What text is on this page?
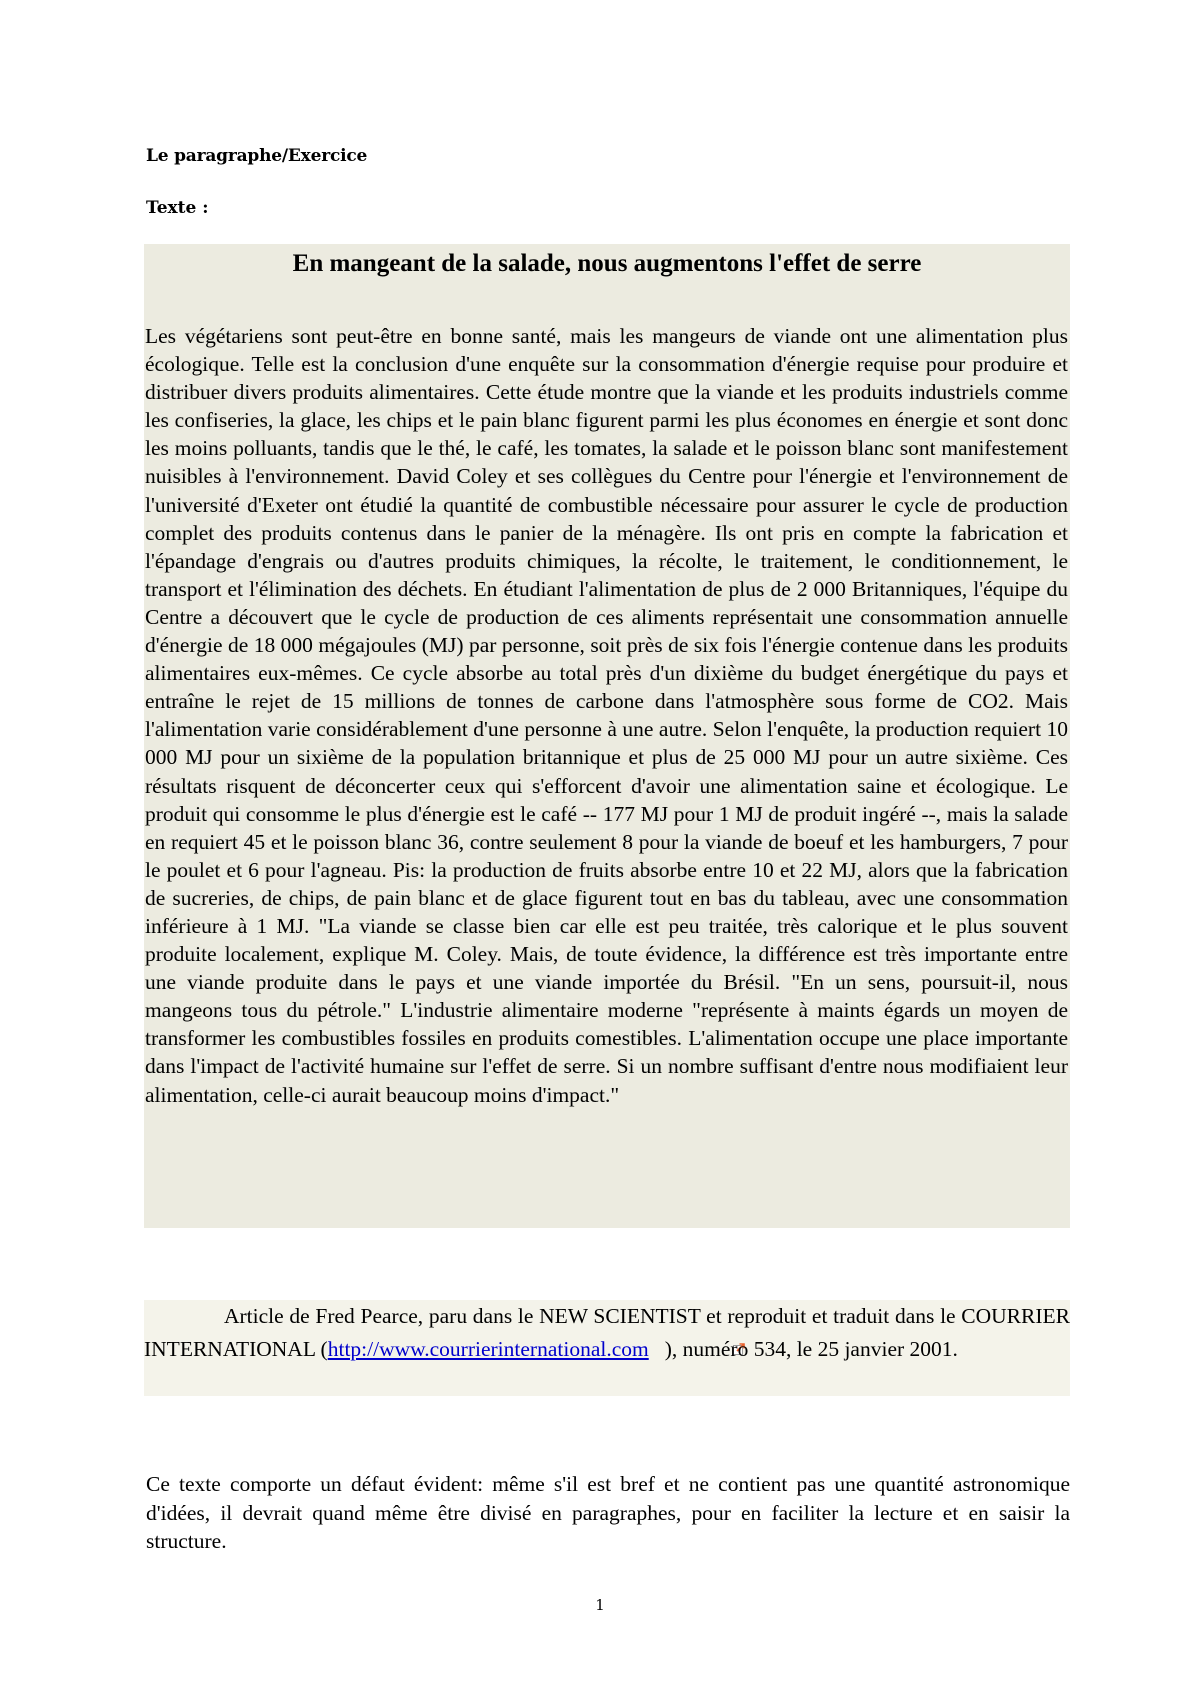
Le paragraphe/Exercice

Texte :

En mangeant de la salade, nous augmentons l'effet de serre

Les végétariens sont peut-être en bonne santé, mais les mangeurs de viande ont une alimentation plus écologique. Telle est la conclusion d'une enquête sur la consommation d'énergie requise pour produire et distribuer divers produits alimentaires. Cette étude montre que la viande et les produits industriels comme les confiseries, la glace, les chips et le pain blanc figurent parmi les plus économes en énergie et sont donc les moins polluants, tandis que le thé, le café, les tomates, la salade et le poisson blanc sont manifestement nuisibles à l'environnement. David Coley et ses collègues du Centre pour l'énergie et l'environnement de l'université d'Exeter ont étudié la quantité de combustible nécessaire pour assurer le cycle de production complet des produits contenus dans le panier de la ménagère. Ils ont pris en compte la fabrication et l'épandage d'engrais ou d'autres produits chimiques, la récolte, le traitement, le conditionnement, le transport et l'élimination des déchets. En étudiant l'alimentation de plus de 2 000 Britanniques, l'équipe du Centre a découvert que le cycle de production de ces aliments représentait une consommation annuelle d'énergie de 18 000 mégajoules (MJ) par personne, soit près de six fois l'énergie contenue dans les produits alimentaires eux-mêmes. Ce cycle absorbe au total près d'un dixième du budget énergétique du pays et entraîne le rejet de 15 millions de tonnes de carbone dans l'atmosphère sous forme de CO2. Mais l'alimentation varie considérablement d'une personne à une autre. Selon l'enquête, la production requiert 10 000 MJ pour un sixième de la population britannique et plus de 25 000 MJ pour un autre sixième. Ces résultats risquent de déconcerter ceux qui s'efforcent d'avoir une alimentation saine et écologique. Le produit qui consomme le plus d'énergie est le café -- 177 MJ pour 1 MJ de produit ingéré --, mais la salade en requiert 45 et le poisson blanc 36, contre seulement 8 pour la viande de boeuf et les hamburgers, 7 pour le poulet et 6 pour l'agneau. Pis: la production de fruits absorbe entre 10 et 22 MJ, alors que la fabrication de sucreries, de chips, de pain blanc et de glace figurent tout en bas du tableau, avec une consommation inférieure à 1 MJ. "La viande se classe bien car elle est peu traitée, très calorique et le plus souvent produite localement, explique M. Coley. Mais, de toute évidence, la différence est très importante entre une viande produite dans le pays et une viande importée du Brésil. "En un sens, poursuit-il, nous mangeons tous du pétrole." L'industrie alimentaire moderne "représente à maints égards un moyen de transformer les combustibles fossiles en produits comestibles. L'alimentation occupe une place importante dans l'impact de l'activité humaine sur l'effet de serre. Si un nombre suffisant d'entre nous modifiaient leur alimentation, celle-ci aurait beaucoup moins d'impact."

Article de Fred Pearce, paru dans le NEW SCIENTIST et reproduit et traduit dans le COURRIER INTERNATIONAL (http://www.courrierinternational.com ), numéro 534, le 25 janvier 2001.

Ce texte comporte un défaut évident: même s'il est bref et ne contient pas une quantité astronomique d'idées, il devrait quand même être divisé en paragraphes, pour en faciliter la lecture et en saisir la structure.

1
